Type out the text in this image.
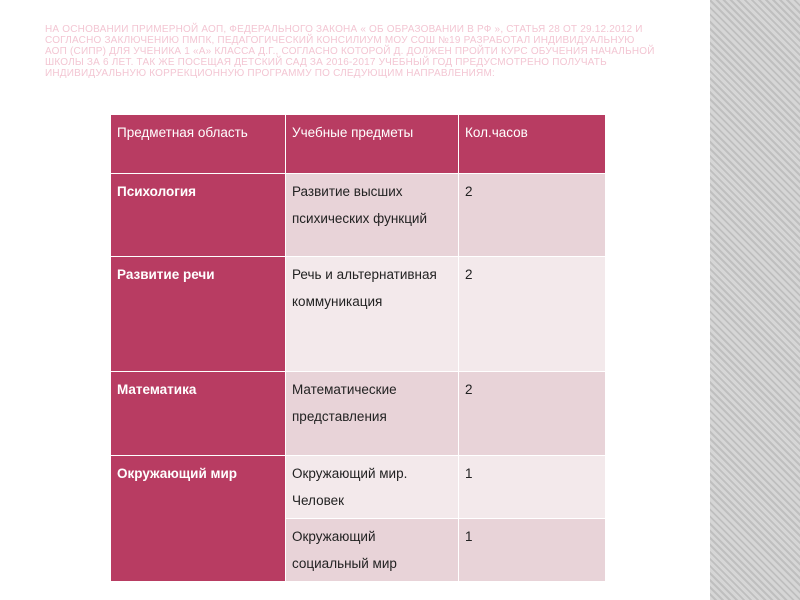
НА ОСНОВАНИИ ПРИМЕРНОЙ АОП, ФЕДЕРАЛЬНОГО ЗАКОНА « ОБ ОБРАЗОВАНИИ В РФ », СТАТЬЯ 28 ОТ 29.12.2012 И СОГЛАСНО ЗАКЛЮЧЕНИЮ ПМПК, ПЕДАГОГИЧЕСКИЙ КОНСИЛИУМ МОУ СОШ №19 РАЗРАБОТАЛ ИНДИВИДУАЛЬНУЮ АОП (СИПР) ДЛЯ УЧЕНИКА 1 «А» КЛАССА Д.Г., СОГЛАСНО КОТОРОЙ Д. ДОЛЖЕН ПРОЙТИ КУРС ОБУЧЕНИЯ НАЧАЛЬНОЙ ШКОЛЫ ЗА 6 ЛЕТ. ТАК ЖЕ ПОСЕЩАЯ ДЕТСКИЙ САД ЗА 2016-2017 УЧЕБНЫЙ ГОД ПРЕДУСМОТРЕНО ПОЛУЧАТЬ ИНДИВИДУАЛЬНУЮ КОРРЕКЦИОННУЮ ПРОГРАММУ ПО СЛЕДУЮЩИМ НАПРАВЛЕНИЯМ:
Предметная область	Учебные предметы	Кол.часов
Психология	Развитие высших психических функций	2
Развитие речи	Речь и альтернативная коммуникация	2
Математика	Математические представления	2
Окружающий мир	Окружающий мир. Человек	1
	Окружающий социальный мир	1
